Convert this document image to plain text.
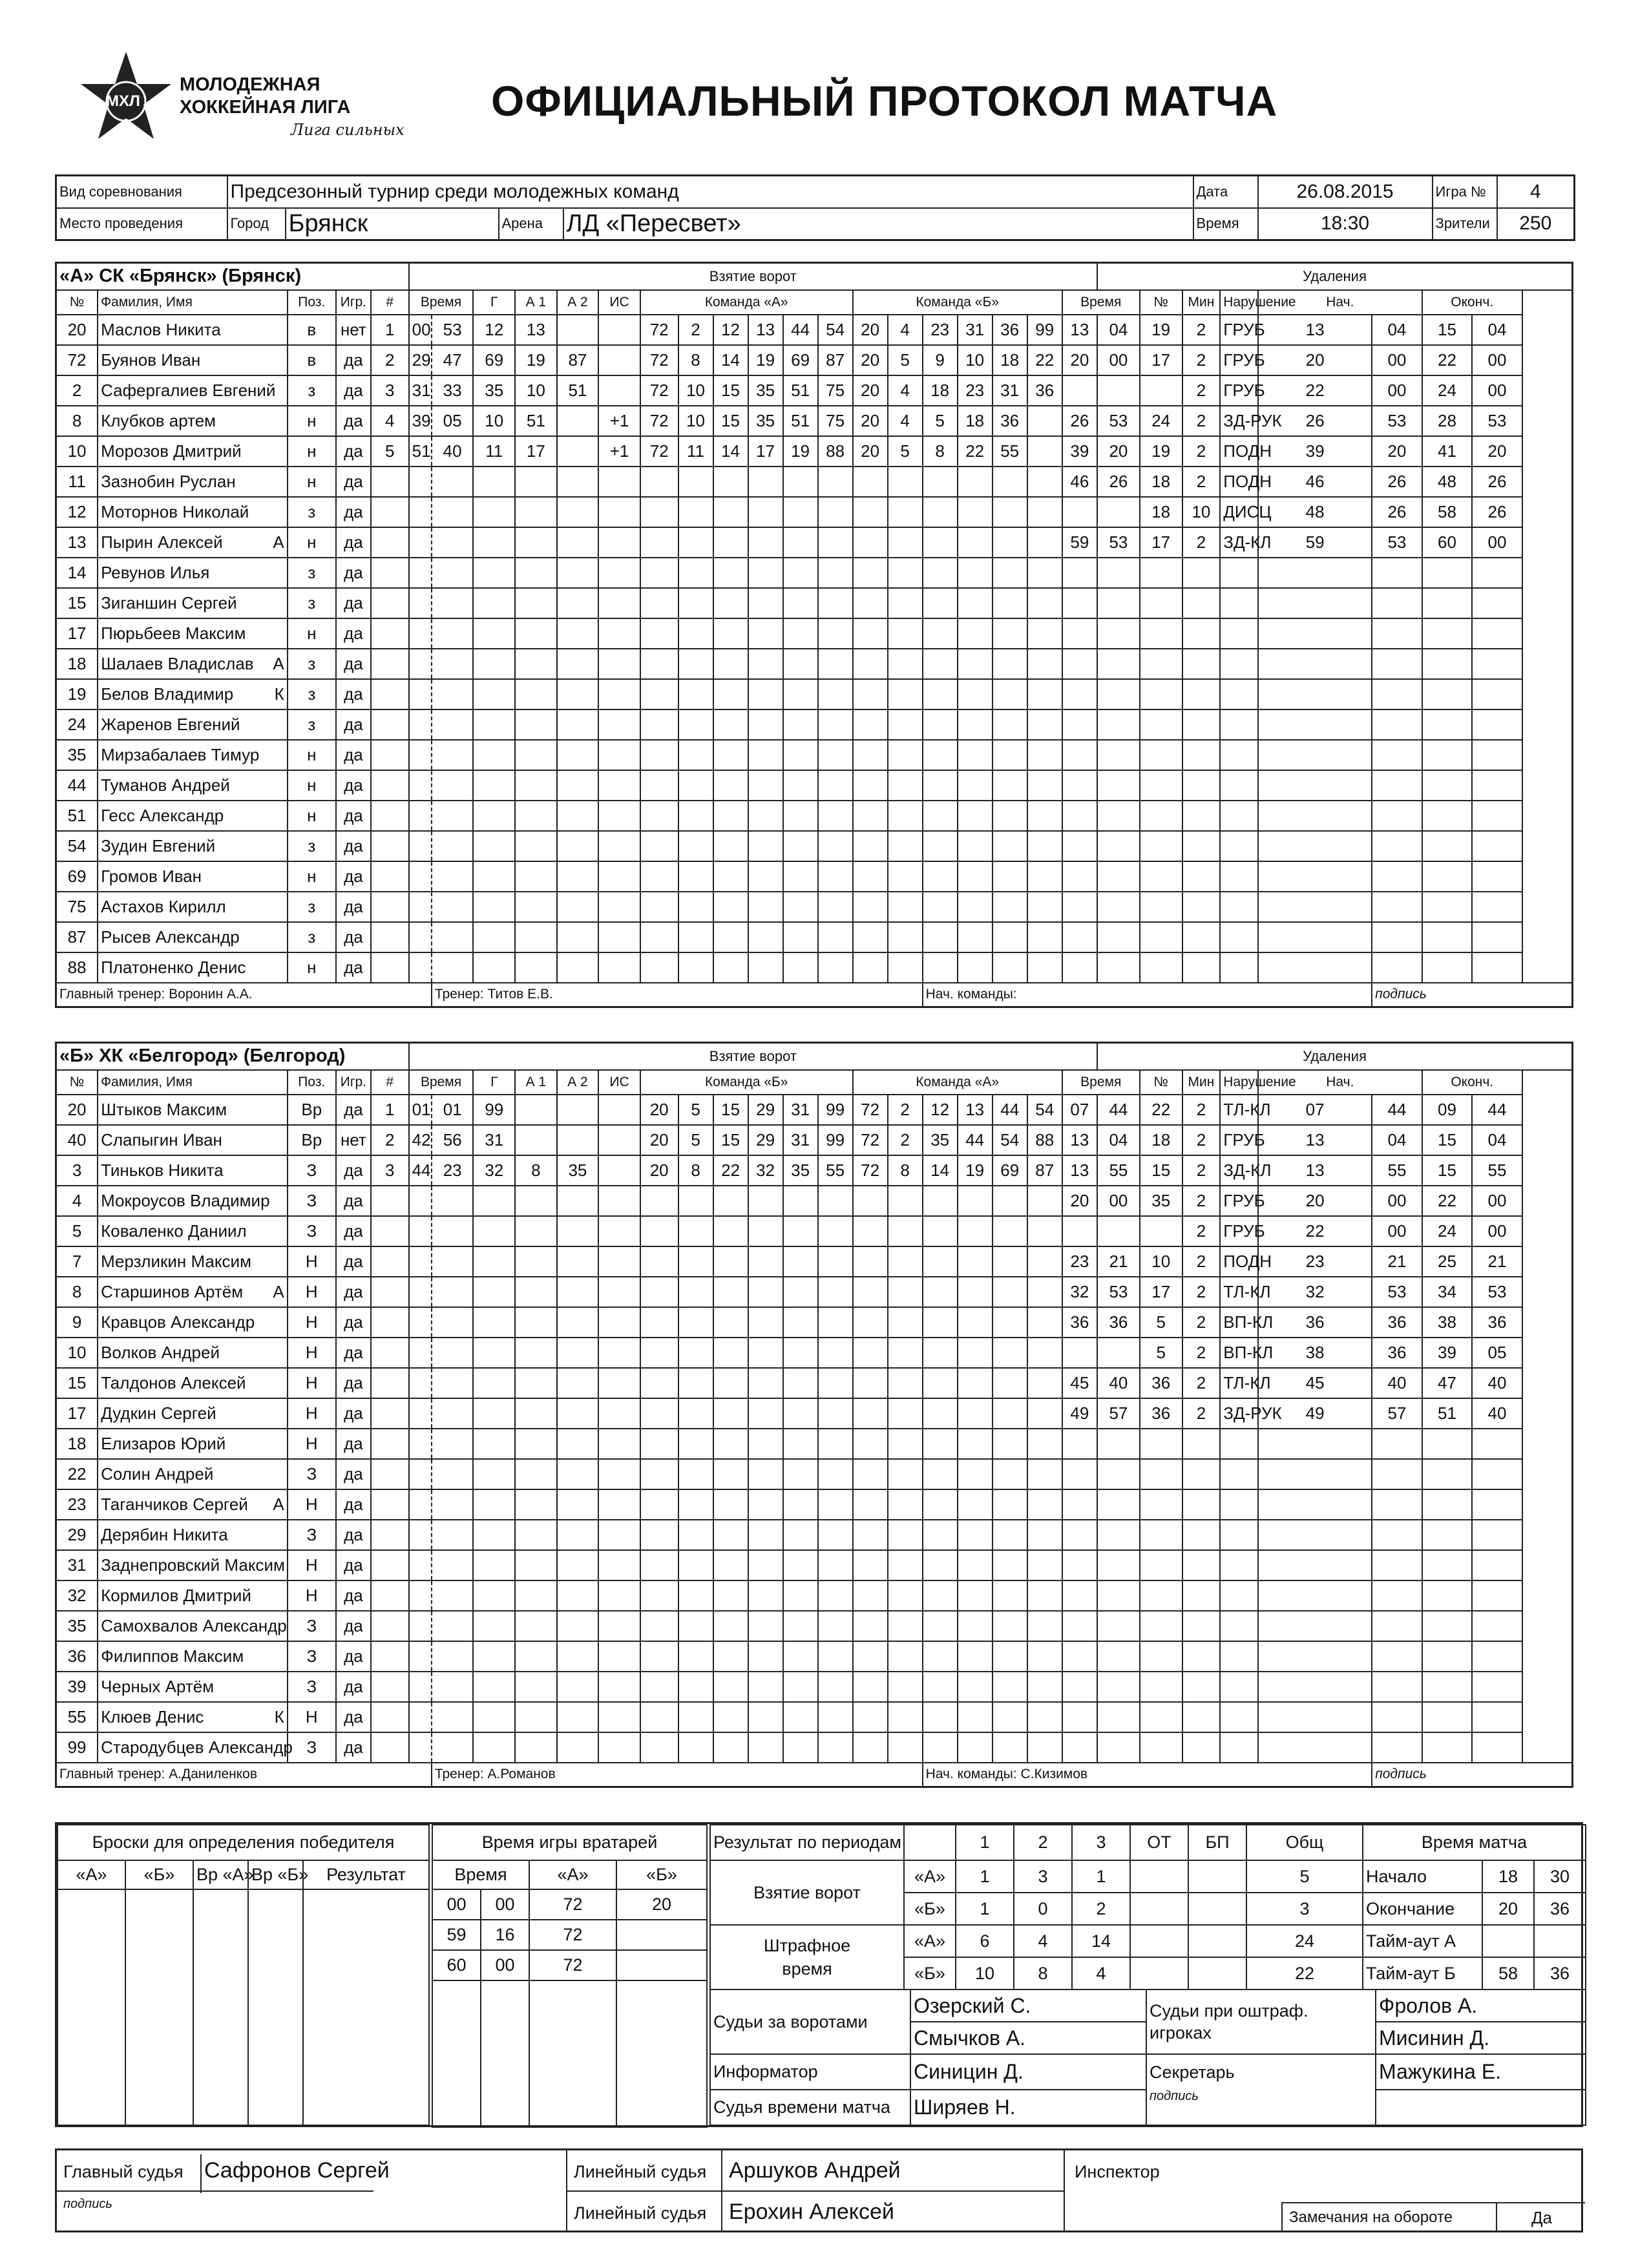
МХЛ
МОЛОДЕЖНАЯ
ХОККЕЙНАЯ ЛИГА
Лига сильных
ОФИЦИАЛЬНЫЙ ПРОТОКОЛ МАТЧА
Вид соревнования	Предсезонный турнир среди молодежных команд				Дата	26.08.2015	Игра №	4
Место проведения	Город	Брянск	Арена	ЛД «Пересвет»	Время	18:30	Зрители	250
«А» СК «Брянск» (Брянск)					Взятие ворот																			Удаления							
№	Фамилия, Имя	Поз.	Игр.	#	Время		Г	А 1	А 2	ИС	Команда «А»						Команда «Б»						Время		№	Мин	Нарушение	Нач.		Оконч.	
20	Маслов Никита	в	нет	1	00	53	12	13			72	2	12	13	44	54	20	4	23	31	36	99	13	04	19	2	ГРУБ	13	04	15	04
72	Буянов Иван	в	да	2	29	47	69	19	87		72	8	14	19	69	87	20	5	9	10	18	22	20	00	17	2	ГРУБ	20	00	22	00
2	Сафергалиев Евгений	з	да	3	31	33	35	10	51		72	10	15	35	51	75	20	4	18	23	31	36				2	ГРУБ	22	00	24	00
8	Клубков артем	н	да	4	39	05	10	51		+1	72	10	15	35	51	75	20	4	5	18	36		26	53	24	2	ЗД-РУК	26	53	28	53
10	Морозов Дмитрий	н	да	5	51	40	11	17		+1	72	11	14	17	19	88	20	5	8	22	55		39	20	19	2	ПОДН	39	20	41	20
11	Зазнобин Руслан	н	да																				46	26	18	2	ПОДН	46	26	48	26
12	Моторнов Николай	з	да																						18	10	ДИСЦ	48	26	58	26
13	Пырин Алексей А	н	да																				59	53	17	2	ЗД-КЛ	59	53	60	00
14	Ревунов Илья	з	да																												
15	Зиганшин Сергей	з	да																												
17	Пюрьбеев Максим	н	да																												
18	Шалаев Владислав А	з	да																												
19	Белов Владимир К	з	да																												
24	Жаренов Евгений	з	да																												
35	Мирзабалаев Тимур	н	да																												
44	Туманов Андрей	н	да																												
51	Гесс Александр	н	да																												
54	Зудин Евгений	з	да																												
69	Громов Иван	н	да																												
75	Астахов Кирилл	з	да																												
87	Рысев Александр	з	да																												
88	Платоненко Денис	н	да																												
Главный тренер: Воронин А.А.						Тренер: Титов Е.В.													Нач. команды:										подпись		
«Б» ХК «Белгород» (Белгород)					Взятие ворот																			Удаления							
№	Фамилия, Имя	Поз.	Игр.	#	Время		Г	А 1	А 2	ИС	Команда «Б»						Команда «А»						Время		№	Мин	Нарушение	Нач.		Оконч.	
20	Штыков Максим	Вр	да	1	01	01	99				20	5	15	29	31	99	72	2	12	13	44	54	07	44	22	2	ТЛ-КЛ	07	44	09	44
40	Слапыгин Иван	Вр	нет	2	42	56	31				20	5	15	29	31	99	72	2	35	44	54	88	13	04	18	2	ГРУБ	13	04	15	04
3	Тиньков Никита	З	да	3	44	23	32	8	35		20	8	22	32	35	55	72	8	14	19	69	87	13	55	15	2	ЗД-КЛ	13	55	15	55
4	Мокроусов Владимир	З	да																				20	00	35	2	ГРУБ	20	00	22	00
5	Коваленко Даниил	З	да																							2	ГРУБ	22	00	24	00
7	Мерзликин Максим	Н	да																				23	21	10	2	ПОДН	23	21	25	21
8	Старшинов Артём А	Н	да																				32	53	17	2	ТЛ-КЛ	32	53	34	53
9	Кравцов Александр	Н	да																				36	36	5	2	ВП-КЛ	36	36	38	36
10	Волков Андрей	Н	да																						5	2	ВП-КЛ	38	36	39	05
15	Талдонов Алексей	Н	да																				45	40	36	2	ТЛ-КЛ	45	40	47	40
17	Дудкин Сергей	Н	да																				49	57	36	2	ЗД-РУК	49	57	51	40
18	Елизаров Юрий	Н	да																												
22	Солин Андрей	З	да																												
23	Таганчиков Сергей А	Н	да																												
29	Дерябин Никита	З	да																												
31	Заднепровский Максим	Н	да																												
32	Кормилов Дмитрий	Н	да																												
35	Самохвалов Александр	З	да																												
36	Филиппов Максим	З	да																												
39	Черных Артём	З	да																												
55	Клюев Денис К	Н	да																												
99	Стародубцев Александр	З	да																												
Главный тренер: А.Даниленков						Тренер: А.Романов													Нач. команды: С.Кизимов										подпись		
Броски для определения победителя				
«А»	«Б»	Вр «А»	Вр «Б»	Результат

Время игры вратарей			
Время		«А»	«Б»
00	00	72	20
59	16	72	
60	00	72	

Результат по периодам		1	2	3	ОТ	БП	Общ
Взятие ворот	«А»	1	3	1			5
	«Б»	1	0	2			3
Штрафное время	«А»	6	4	14			24
	«Б»	10	8	4			22
Время матча		
Начало	18	30
Окончание	20	36
Тайм-аут А		
Тайм-аут Б	58	36
Судьи за воротами	Озерский С.	Судьи при оштраф. игроках	Фролов А.
	Смычков А.		Мисинин Д.
Информатор	Синицин Д.	Секретарь
подпись	Мажукина Е.
Судья времени матча	Ширяев Н.		
Главный судья Сафронов Сергей
подпись
Линейный судья
Линейный судья
Аршуков Андрей
Ерохин Алексей
Инспектор
Замечания на обороте	Да
